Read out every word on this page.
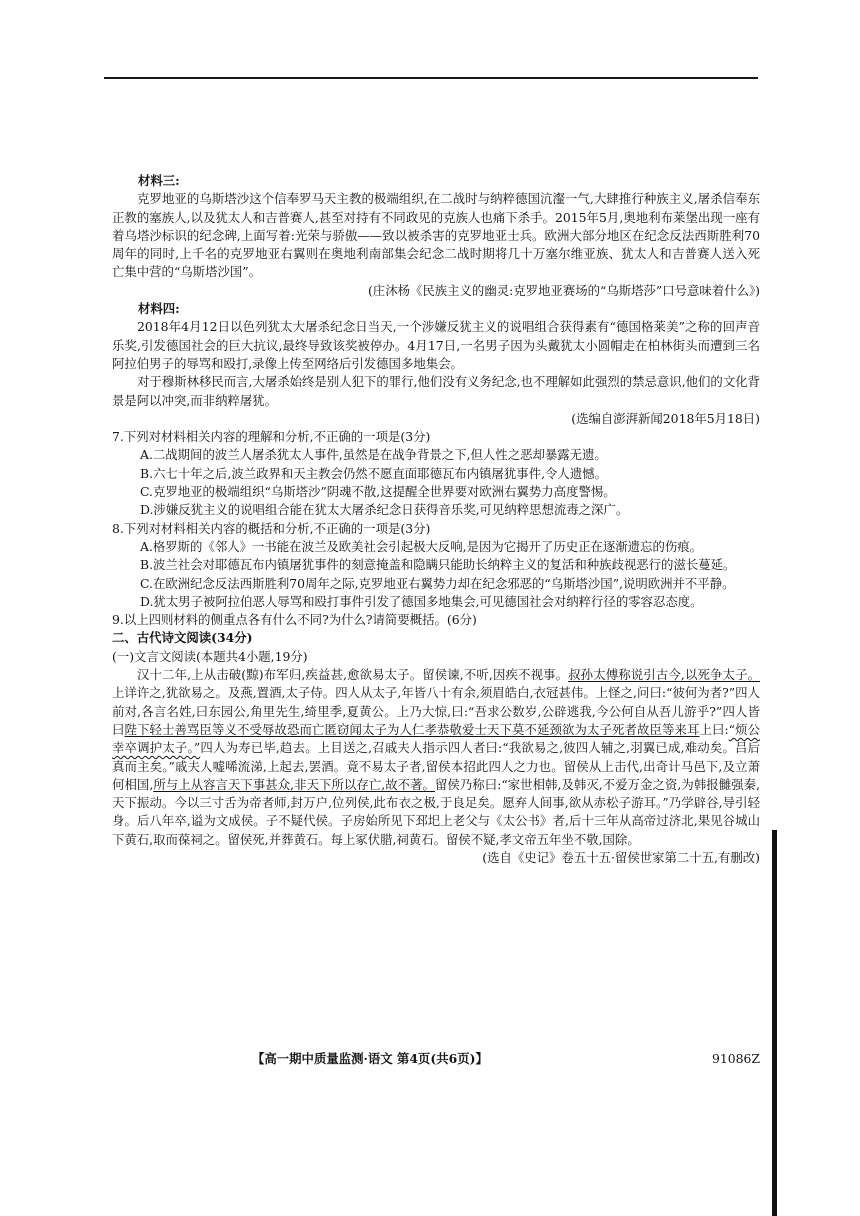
材料三:

克罗地亚的乌斯塔沙这个信奉罗马天主教的极端组织,在二战时与纳粹德国沆瀣一气,大肆推行种族主义,屠杀信奉东正教的塞族人,以及犹太人和吉普赛人,甚至对持有不同政见的克族人也痛下杀手。2015年5月,奥地利布莱堡出现一座有着乌塔沙标识的纪念碑,上面写着:光荣与骄傲——致以被杀害的克罗地亚士兵。欧洲大部分地区在纪念反法西斯胜利70周年的同时,上千名的克罗地亚右翼则在奥地利南部集会纪念二战时期将几十万塞尔维亚族、犹太人和吉普赛人送入死亡集中营的“乌斯塔沙国”。

(庄沐杨《民族主义的幽灵:克罗地亚赛场的“乌斯塔莎”口号意味着什么》)

材料四:

2018年4月12日以色列犹太大屠杀纪念日当天,一个涉嫌反犹主义的说唱组合获得素有“德国格莱美”之称的回声音乐奖,引发德国社会的巨大抗议,最终导致该奖被停办。4月17日,一名男子因为头戴犹太小圆帽走在柏林街头而遭到三名阿拉伯男子的辱骂和殴打,录像上传至网络后引发德国多地集会。

对于穆斯林移民而言,大屠杀始终是别人犯下的罪行,他们没有义务纪念,也不理解如此强烈的禁忌意识,他们的文化背景是阿以冲突,而非纳粹屠犹。

(选编自澎湃新闻2018年5月18日)

7.下列对材料相关内容的理解和分析,不正确的一项是(3分)

A.二战期间的波兰人屠杀犹太人事件,虽然是在战争背景之下,但人性之恶却暴露无遗。

B.六七十年之后,波兰政界和天主教会仍然不愿直面耶德瓦布内镇屠犹事件,令人遗憾。

C.克罗地亚的极端组织“乌斯塔沙”阴魂不散,这提醒全世界要对欧洲右翼势力高度警惕。

D.涉嫌反犹主义的说唱组合能在犹太大屠杀纪念日获得音乐奖,可见纳粹思想流毒之深广。

8.下列对材料相关内容的概括和分析,不正确的一项是(3分)

A.格罗斯的《邻人》一书能在波兰及欧美社会引起极大反响,是因为它揭开了历史正在逐渐遗忘的伤痕。

B.波兰社会对耶德瓦布内镇屠犹事件的刻意掩盖和隐瞒只能助长纳粹主义的复活和种族歧视恶行的滋长蔓延。

C.在欧洲纪念反法西斯胜利70周年之际,克罗地亚右翼势力却在纪念邪恶的“乌斯塔沙国”,说明欧洲并不平静。

D.犹太男子被阿拉伯恶人辱骂和殴打事件引发了德国多地集会,可见德国社会对纳粹行径的零容忍态度。

9.以上四则材料的侧重点各有什么不同?为什么?请简要概括。(6分)

二、古代诗文阅读(34分)

(一)文言文阅读(本题共4小题,19分)

汉十二年,上从击破(黥)布军归,疾益甚,愈欲易太子。留侯谏,不听,因疾不视事。叔孙太傅称说引古今,以死争太子。上详许之,犹欲易之。及燕,置酒,太子侍。四人从太子,年皆八十有余,须眉皓白,衣冠甚伟。上怪之,问曰:“彼何为者?”四人前对,各言名姓,曰东园公,角里先生,绮里季,夏黄公。上乃大惊,曰:“吾求公数岁,公辟逃我,今公何自从吾儿游乎?”四人皆曰陛下轻士善骂臣等义不受辱故恐而亡匿窃闻太子为人仁孝恭敬爱士天下莫不延颈欲为太子死者故臣等来耳上曰:“烦公幸卒调护太子。”四人为寿已毕,趋去。上目送之,召戚夫人指示四人者曰:“我欲易之,彼四人辅之,羽翼已成,难动矣。吕后真而主矣。”戚夫人嘘唏流涕,上起去,罢酒。竟不易太子者,留侯本招此四人之力也。留侯从上击代,出奇计马邑下,及立萧何相国,所与上从容言天下事甚众,非天下所以存亡,故不著。留侯乃称曰:“家世相韩,及韩灭,不爱万金之资,为韩报雠强秦,天下振动。今以三寸舌为帝者师,封万户,位列侯,此布衣之极,于良足矣。愿弃人间事,欲从赤松子游耳。”乃学辟谷,导引轻身。后八年卒,谥为文成侯。子不疑代侯。子房始所见下邳圯上老父与《太公书》者,后十三年从高帝过济北,果见谷城山下黄石,取而葆祠之。留侯死,并葬黄石。每上冢伏腊,祠黄石。留侯不疑,孝文帝五年坐不敬,国除。

(选自《史记》卷五十五·留侯世家第二十五,有删改)

【高一期中质量监测·语文 第4页(共6页)】	91086Z
